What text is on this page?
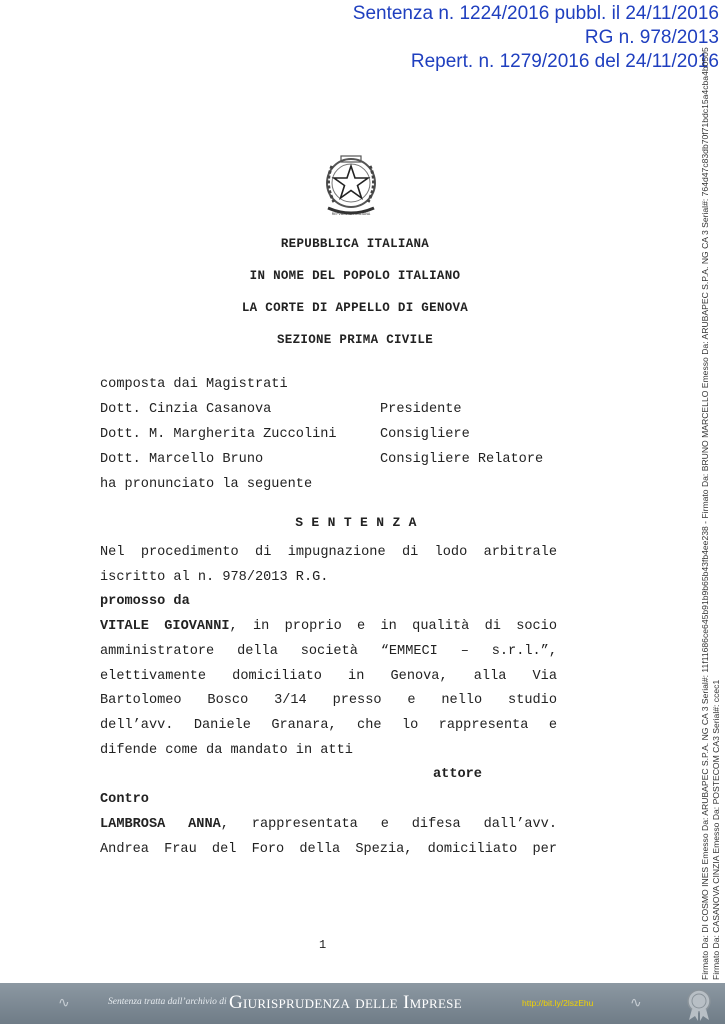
Sentenza n. 1224/2016 pubbl. il 24/11/2016
RG n. 978/2013
Repert. n. 1279/2016 del 24/11/2016
Firmato Da: DI COSMO INES Emesso Da: ARUBAPEC S.P.A. NG CA 3 Serial#: 11f11686ce645b91b9b65b43fb4ee238 - Firmato Da: BRUNO MARCELLO Emesso Da: ARUBAPEC S.P.A. NG CA 3 Serial#: 764d47c83db70f71bdc15a4cba4b0505 Firmato Da: CASANOVA CINZIA Emesso Da: POSTECOM CA3 Serial#: ccec1
REPVBBLICA ITALIANA
REPUBBLICA ITALIANA
IN NOME DEL POPOLO ITALIANO
LA CORTE DI APPELLO DI GENOVA
SEZIONE PRIMA CIVILE
composta dai Magistrati
Dott. Cinzia Casanova	Presidente
Dott. M. Margherita Zuccolini	Consigliere
Dott. Marcello Bruno	Consigliere Relatore
ha pronunciato la seguente
S E N T E N Z A
Nel procedimento di impugnazione di lodo arbitrale
iscritto al n. 978/2013 R.G.
promosso da
VITALE GIOVANNI, in proprio e in qualità di socio
amministratore della società “EMMECI – s.r.l.”,
elettivamente domiciliato in Genova, alla Via
Bartolomeo Bosco 3/14 presso e nello studio
dell’avv. Daniele Granara, che lo rappresenta e
difende come da mandato in atti
attore
Contro
LAMBROSA ANNA, rappresentata e difesa dall’avv.
Andrea Frau del Foro della Spezia, domiciliato per
1
∿	Sentenza tratta dall’archivio di Giurisprudenza delle Imprese	http://bit.ly/2lszEhu	∿
